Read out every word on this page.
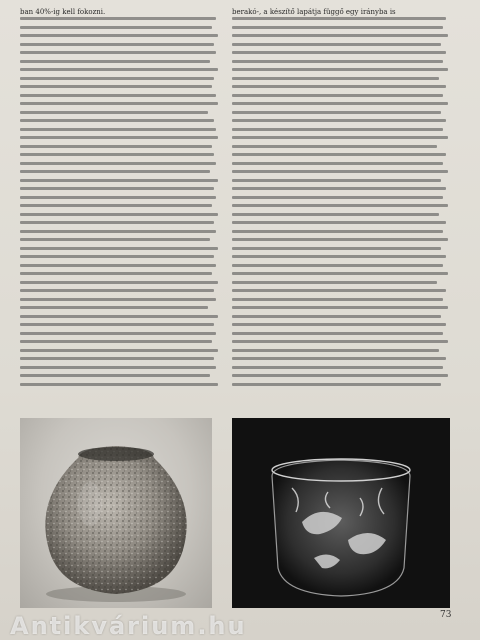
ban 40%-ig kell fokozni.	berakó-, a készítő lapátja függő egy irányba is
73
Antikvárium.hu
